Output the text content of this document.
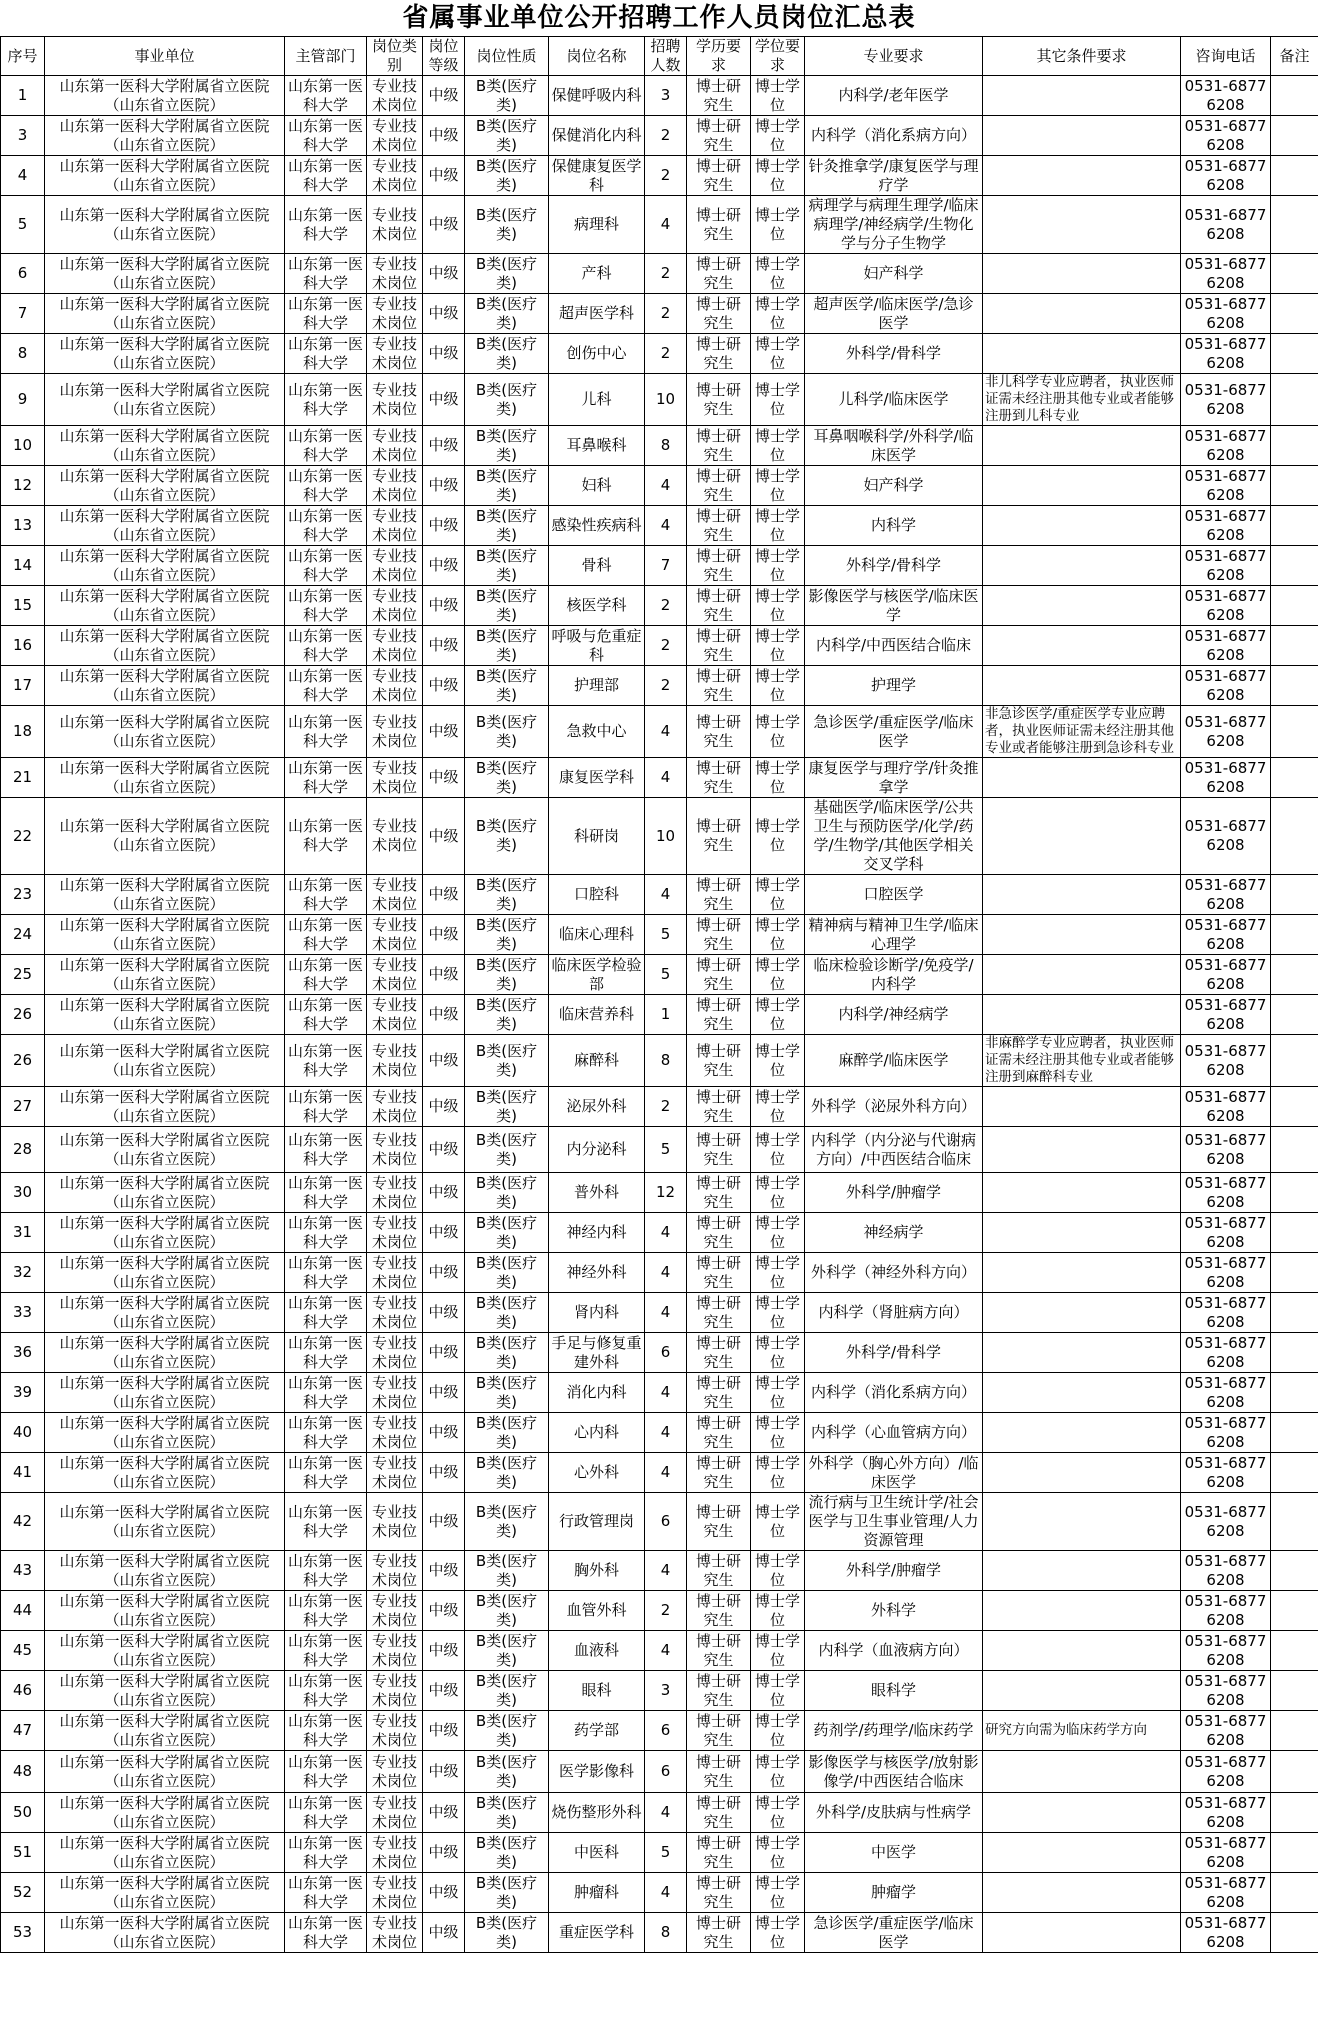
省属事业单位公开招聘工作人员岗位汇总表
序号	事业单位	主管部门	岗位类别	岗位等级	岗位性质	岗位名称	招聘人数	学历要求	学位要求	专业要求	其它条件要求	咨询电话	备注
1	山东第一医科大学附属省立医院（山东省立医院）	山东第一医科大学	专业技术岗位	中级	B类(医疗类)	保健呼吸内科	3	博士研究生	博士学位	内科学/老年医学		0531-68776208	
3	山东第一医科大学附属省立医院（山东省立医院）	山东第一医科大学	专业技术岗位	中级	B类(医疗类)	保健消化内科	2	博士研究生	博士学位	内科学（消化系病方向）		0531-68776208	
4	山东第一医科大学附属省立医院（山东省立医院）	山东第一医科大学	专业技术岗位	中级	B类(医疗类)	保健康复医学科	2	博士研究生	博士学位	针灸推拿学/康复医学与理疗学		0531-68776208	
5	山东第一医科大学附属省立医院（山东省立医院）	山东第一医科大学	专业技术岗位	中级	B类(医疗类)	病理科	4	博士研究生	博士学位	病理学与病理生理学/临床病理学/神经病学/生物化学与分子生物学		0531-68776208	
6	山东第一医科大学附属省立医院（山东省立医院）	山东第一医科大学	专业技术岗位	中级	B类(医疗类)	产科	2	博士研究生	博士学位	妇产科学		0531-68776208	
7	山东第一医科大学附属省立医院（山东省立医院）	山东第一医科大学	专业技术岗位	中级	B类(医疗类)	超声医学科	2	博士研究生	博士学位	超声医学/临床医学/急诊医学		0531-68776208	
8	山东第一医科大学附属省立医院（山东省立医院）	山东第一医科大学	专业技术岗位	中级	B类(医疗类)	创伤中心	2	博士研究生	博士学位	外科学/骨科学		0531-68776208	
9	山东第一医科大学附属省立医院（山东省立医院）	山东第一医科大学	专业技术岗位	中级	B类(医疗类)	儿科	10	博士研究生	博士学位	儿科学/临床医学	非儿科学专业应聘者，执业医师证需未经注册其他专业或者能够注册到儿科专业	0531-68776208	
10	山东第一医科大学附属省立医院（山东省立医院）	山东第一医科大学	专业技术岗位	中级	B类(医疗类)	耳鼻喉科	8	博士研究生	博士学位	耳鼻咽喉科学/外科学/临床医学		0531-68776208	
12	山东第一医科大学附属省立医院（山东省立医院）	山东第一医科大学	专业技术岗位	中级	B类(医疗类)	妇科	4	博士研究生	博士学位	妇产科学		0531-68776208	
13	山东第一医科大学附属省立医院（山东省立医院）	山东第一医科大学	专业技术岗位	中级	B类(医疗类)	感染性疾病科	4	博士研究生	博士学位	内科学		0531-68776208	
14	山东第一医科大学附属省立医院（山东省立医院）	山东第一医科大学	专业技术岗位	中级	B类(医疗类)	骨科	7	博士研究生	博士学位	外科学/骨科学		0531-68776208	
15	山东第一医科大学附属省立医院（山东省立医院）	山东第一医科大学	专业技术岗位	中级	B类(医疗类)	核医学科	2	博士研究生	博士学位	影像医学与核医学/临床医学		0531-68776208	
16	山东第一医科大学附属省立医院（山东省立医院）	山东第一医科大学	专业技术岗位	中级	B类(医疗类)	呼吸与危重症科	2	博士研究生	博士学位	内科学/中西医结合临床		0531-68776208	
17	山东第一医科大学附属省立医院（山东省立医院）	山东第一医科大学	专业技术岗位	中级	B类(医疗类)	护理部	2	博士研究生	博士学位	护理学		0531-68776208	
18	山东第一医科大学附属省立医院（山东省立医院）	山东第一医科大学	专业技术岗位	中级	B类(医疗类)	急救中心	4	博士研究生	博士学位	急诊医学/重症医学/临床医学	非急诊医学/重症医学专业应聘者，执业医师证需未经注册其他专业或者能够注册到急诊科专业	0531-68776208	
21	山东第一医科大学附属省立医院（山东省立医院）	山东第一医科大学	专业技术岗位	中级	B类(医疗类)	康复医学科	4	博士研究生	博士学位	康复医学与理疗学/针灸推拿学		0531-68776208	
22	山东第一医科大学附属省立医院（山东省立医院）	山东第一医科大学	专业技术岗位	中级	B类(医疗类)	科研岗	10	博士研究生	博士学位	基础医学/临床医学/公共卫生与预防医学/化学/药学/生物学/其他医学相关交叉学科		0531-68776208	
23	山东第一医科大学附属省立医院（山东省立医院）	山东第一医科大学	专业技术岗位	中级	B类(医疗类)	口腔科	4	博士研究生	博士学位	口腔医学		0531-68776208	
24	山东第一医科大学附属省立医院（山东省立医院）	山东第一医科大学	专业技术岗位	中级	B类(医疗类)	临床心理科	5	博士研究生	博士学位	精神病与精神卫生学/临床心理学		0531-68776208	
25	山东第一医科大学附属省立医院（山东省立医院）	山东第一医科大学	专业技术岗位	中级	B类(医疗类)	临床医学检验部	5	博士研究生	博士学位	临床检验诊断学/免疫学/内科学		0531-68776208	
26	山东第一医科大学附属省立医院（山东省立医院）	山东第一医科大学	专业技术岗位	中级	B类(医疗类)	临床营养科	1	博士研究生	博士学位	内科学/神经病学		0531-68776208	
26	山东第一医科大学附属省立医院（山东省立医院）	山东第一医科大学	专业技术岗位	中级	B类(医疗类)	麻醉科	8	博士研究生	博士学位	麻醉学/临床医学	非麻醉学专业应聘者，执业医师证需未经注册其他专业或者能够注册到麻醉科专业	0531-68776208	
27	山东第一医科大学附属省立医院（山东省立医院）	山东第一医科大学	专业技术岗位	中级	B类(医疗类)	泌尿外科	2	博士研究生	博士学位	外科学（泌尿外科方向）		0531-68776208	
28	山东第一医科大学附属省立医院（山东省立医院）	山东第一医科大学	专业技术岗位	中级	B类(医疗类)	内分泌科	5	博士研究生	博士学位	内科学（内分泌与代谢病方向）/中西医结合临床		0531-68776208	
30	山东第一医科大学附属省立医院（山东省立医院）	山东第一医科大学	专业技术岗位	中级	B类(医疗类)	普外科	12	博士研究生	博士学位	外科学/肿瘤学		0531-68776208	
31	山东第一医科大学附属省立医院（山东省立医院）	山东第一医科大学	专业技术岗位	中级	B类(医疗类)	神经内科	4	博士研究生	博士学位	神经病学		0531-68776208	
32	山东第一医科大学附属省立医院（山东省立医院）	山东第一医科大学	专业技术岗位	中级	B类(医疗类)	神经外科	4	博士研究生	博士学位	外科学（神经外科方向）		0531-68776208	
33	山东第一医科大学附属省立医院（山东省立医院）	山东第一医科大学	专业技术岗位	中级	B类(医疗类)	肾内科	4	博士研究生	博士学位	内科学（肾脏病方向）		0531-68776208	
36	山东第一医科大学附属省立医院（山东省立医院）	山东第一医科大学	专业技术岗位	中级	B类(医疗类)	手足与修复重建外科	6	博士研究生	博士学位	外科学/骨科学		0531-68776208	
39	山东第一医科大学附属省立医院（山东省立医院）	山东第一医科大学	专业技术岗位	中级	B类(医疗类)	消化内科	4	博士研究生	博士学位	内科学（消化系病方向）		0531-68776208	
40	山东第一医科大学附属省立医院（山东省立医院）	山东第一医科大学	专业技术岗位	中级	B类(医疗类)	心内科	4	博士研究生	博士学位	内科学（心血管病方向）		0531-68776208	
41	山东第一医科大学附属省立医院（山东省立医院）	山东第一医科大学	专业技术岗位	中级	B类(医疗类)	心外科	4	博士研究生	博士学位	外科学（胸心外方向）/临床医学		0531-68776208	
42	山东第一医科大学附属省立医院（山东省立医院）	山东第一医科大学	专业技术岗位	中级	B类(医疗类)	行政管理岗	6	博士研究生	博士学位	流行病与卫生统计学/社会医学与卫生事业管理/人力资源管理		0531-68776208	
43	山东第一医科大学附属省立医院（山东省立医院）	山东第一医科大学	专业技术岗位	中级	B类(医疗类)	胸外科	4	博士研究生	博士学位	外科学/肿瘤学		0531-68776208	
44	山东第一医科大学附属省立医院（山东省立医院）	山东第一医科大学	专业技术岗位	中级	B类(医疗类)	血管外科	2	博士研究生	博士学位	外科学		0531-68776208	
45	山东第一医科大学附属省立医院（山东省立医院）	山东第一医科大学	专业技术岗位	中级	B类(医疗类)	血液科	4	博士研究生	博士学位	内科学（血液病方向）		0531-68776208	
46	山东第一医科大学附属省立医院（山东省立医院）	山东第一医科大学	专业技术岗位	中级	B类(医疗类)	眼科	3	博士研究生	博士学位	眼科学		0531-68776208	
47	山东第一医科大学附属省立医院（山东省立医院）	山东第一医科大学	专业技术岗位	中级	B类(医疗类)	药学部	6	博士研究生	博士学位	药剂学/药理学/临床药学	研究方向需为临床药学方向	0531-68776208	
48	山东第一医科大学附属省立医院（山东省立医院）	山东第一医科大学	专业技术岗位	中级	B类(医疗类)	医学影像科	6	博士研究生	博士学位	影像医学与核医学/放射影像学/中西医结合临床		0531-68776208	
50	山东第一医科大学附属省立医院（山东省立医院）	山东第一医科大学	专业技术岗位	中级	B类(医疗类)	烧伤整形外科	4	博士研究生	博士学位	外科学/皮肤病与性病学		0531-68776208	
51	山东第一医科大学附属省立医院（山东省立医院）	山东第一医科大学	专业技术岗位	中级	B类(医疗类)	中医科	5	博士研究生	博士学位	中医学		0531-68776208	
52	山东第一医科大学附属省立医院（山东省立医院）	山东第一医科大学	专业技术岗位	中级	B类(医疗类)	肿瘤科	4	博士研究生	博士学位	肿瘤学		0531-68776208	
53	山东第一医科大学附属省立医院（山东省立医院）	山东第一医科大学	专业技术岗位	中级	B类(医疗类)	重症医学科	8	博士研究生	博士学位	急诊医学/重症医学/临床医学		0531-68776208	
